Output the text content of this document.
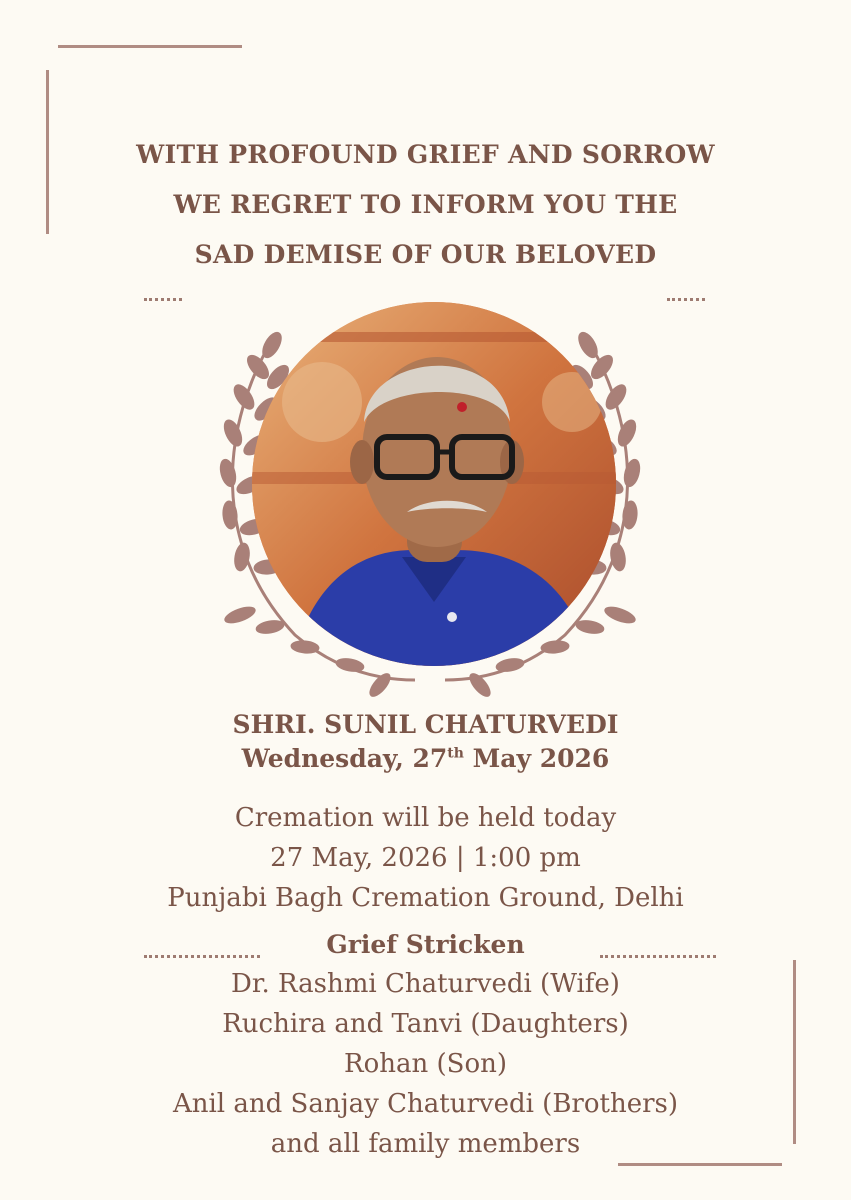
WITH PROFOUND GRIEF AND SORROW
WE REGRET TO INFORM YOU THE
SAD DEMISE OF OUR BELOVED
SHRI. SUNIL CHATURVEDI
Wednesday, 27th May 2026
Cremation will be held today
27 May, 2026 | 1:00 pm
Punjabi Bagh Cremation Ground, Delhi
Grief Stricken
Dr. Rashmi Chaturvedi (Wife)
Ruchira and Tanvi (Daughters)
Rohan (Son)
Anil and Sanjay Chaturvedi (Brothers)
and all family members
